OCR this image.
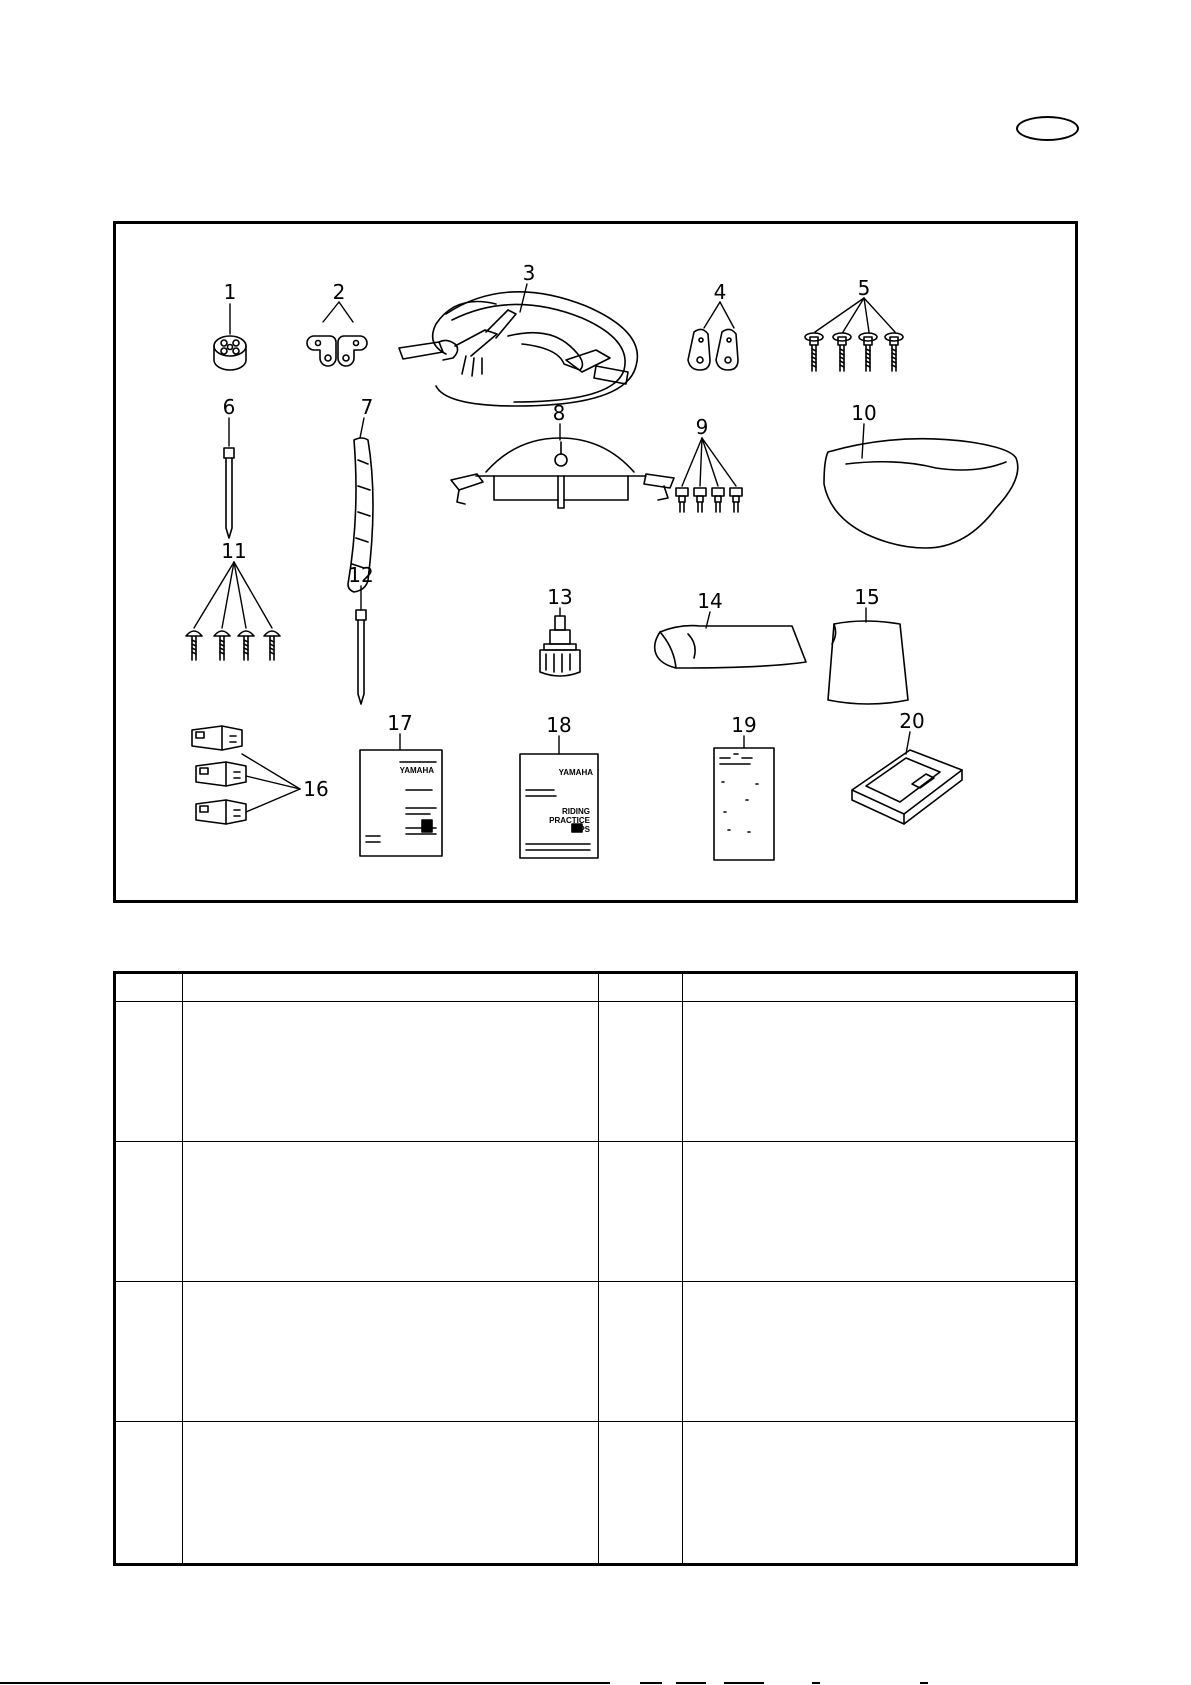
1	2
3
4	5
6	7	8
9
10
11
12
13	14	15
16
17	18	19	20
YAMAHA	YAMAHA
RIDING
PRACTICE
TIPS
